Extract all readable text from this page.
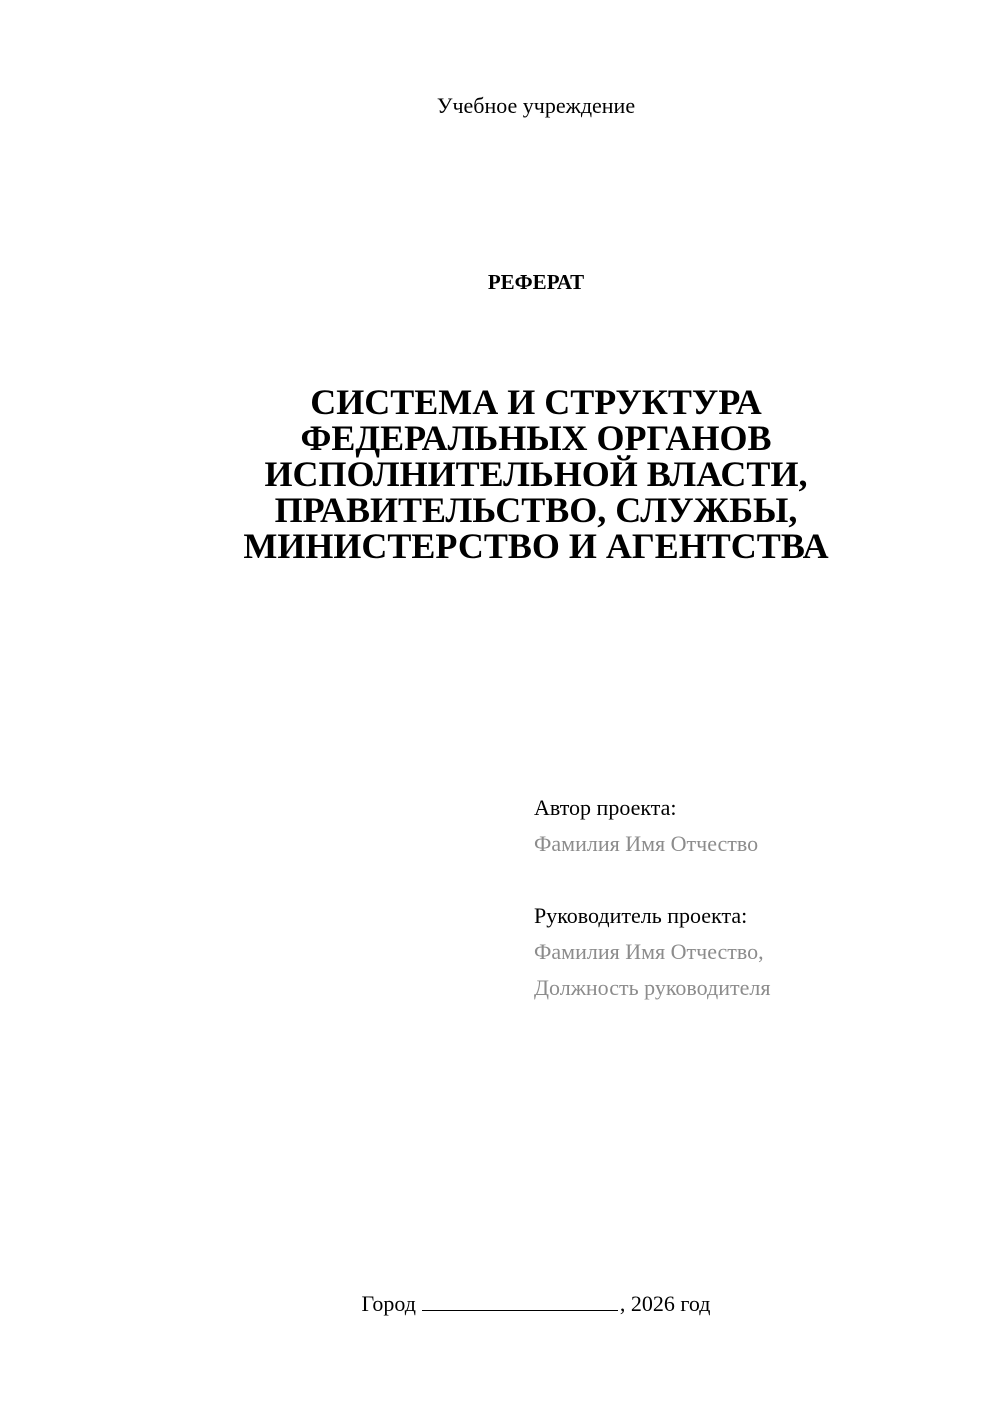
Учебное учреждение
РЕФЕРАТ
СИСТЕМА И СТРУКТУРА
ФЕДЕРАЛЬНЫХ ОРГАНОВ
ИСПОЛНИТЕЛЬНОЙ ВЛАСТИ,
ПРАВИТЕЛЬСТВО, СЛУЖБЫ,
МИНИСТЕРСТВО И АГЕНТСТВА
Автор проекта:
Фамилия Имя Отчество
Руководитель проекта:
Фамилия Имя Отчество,
Должность руководителя
Город	, 2026 год
